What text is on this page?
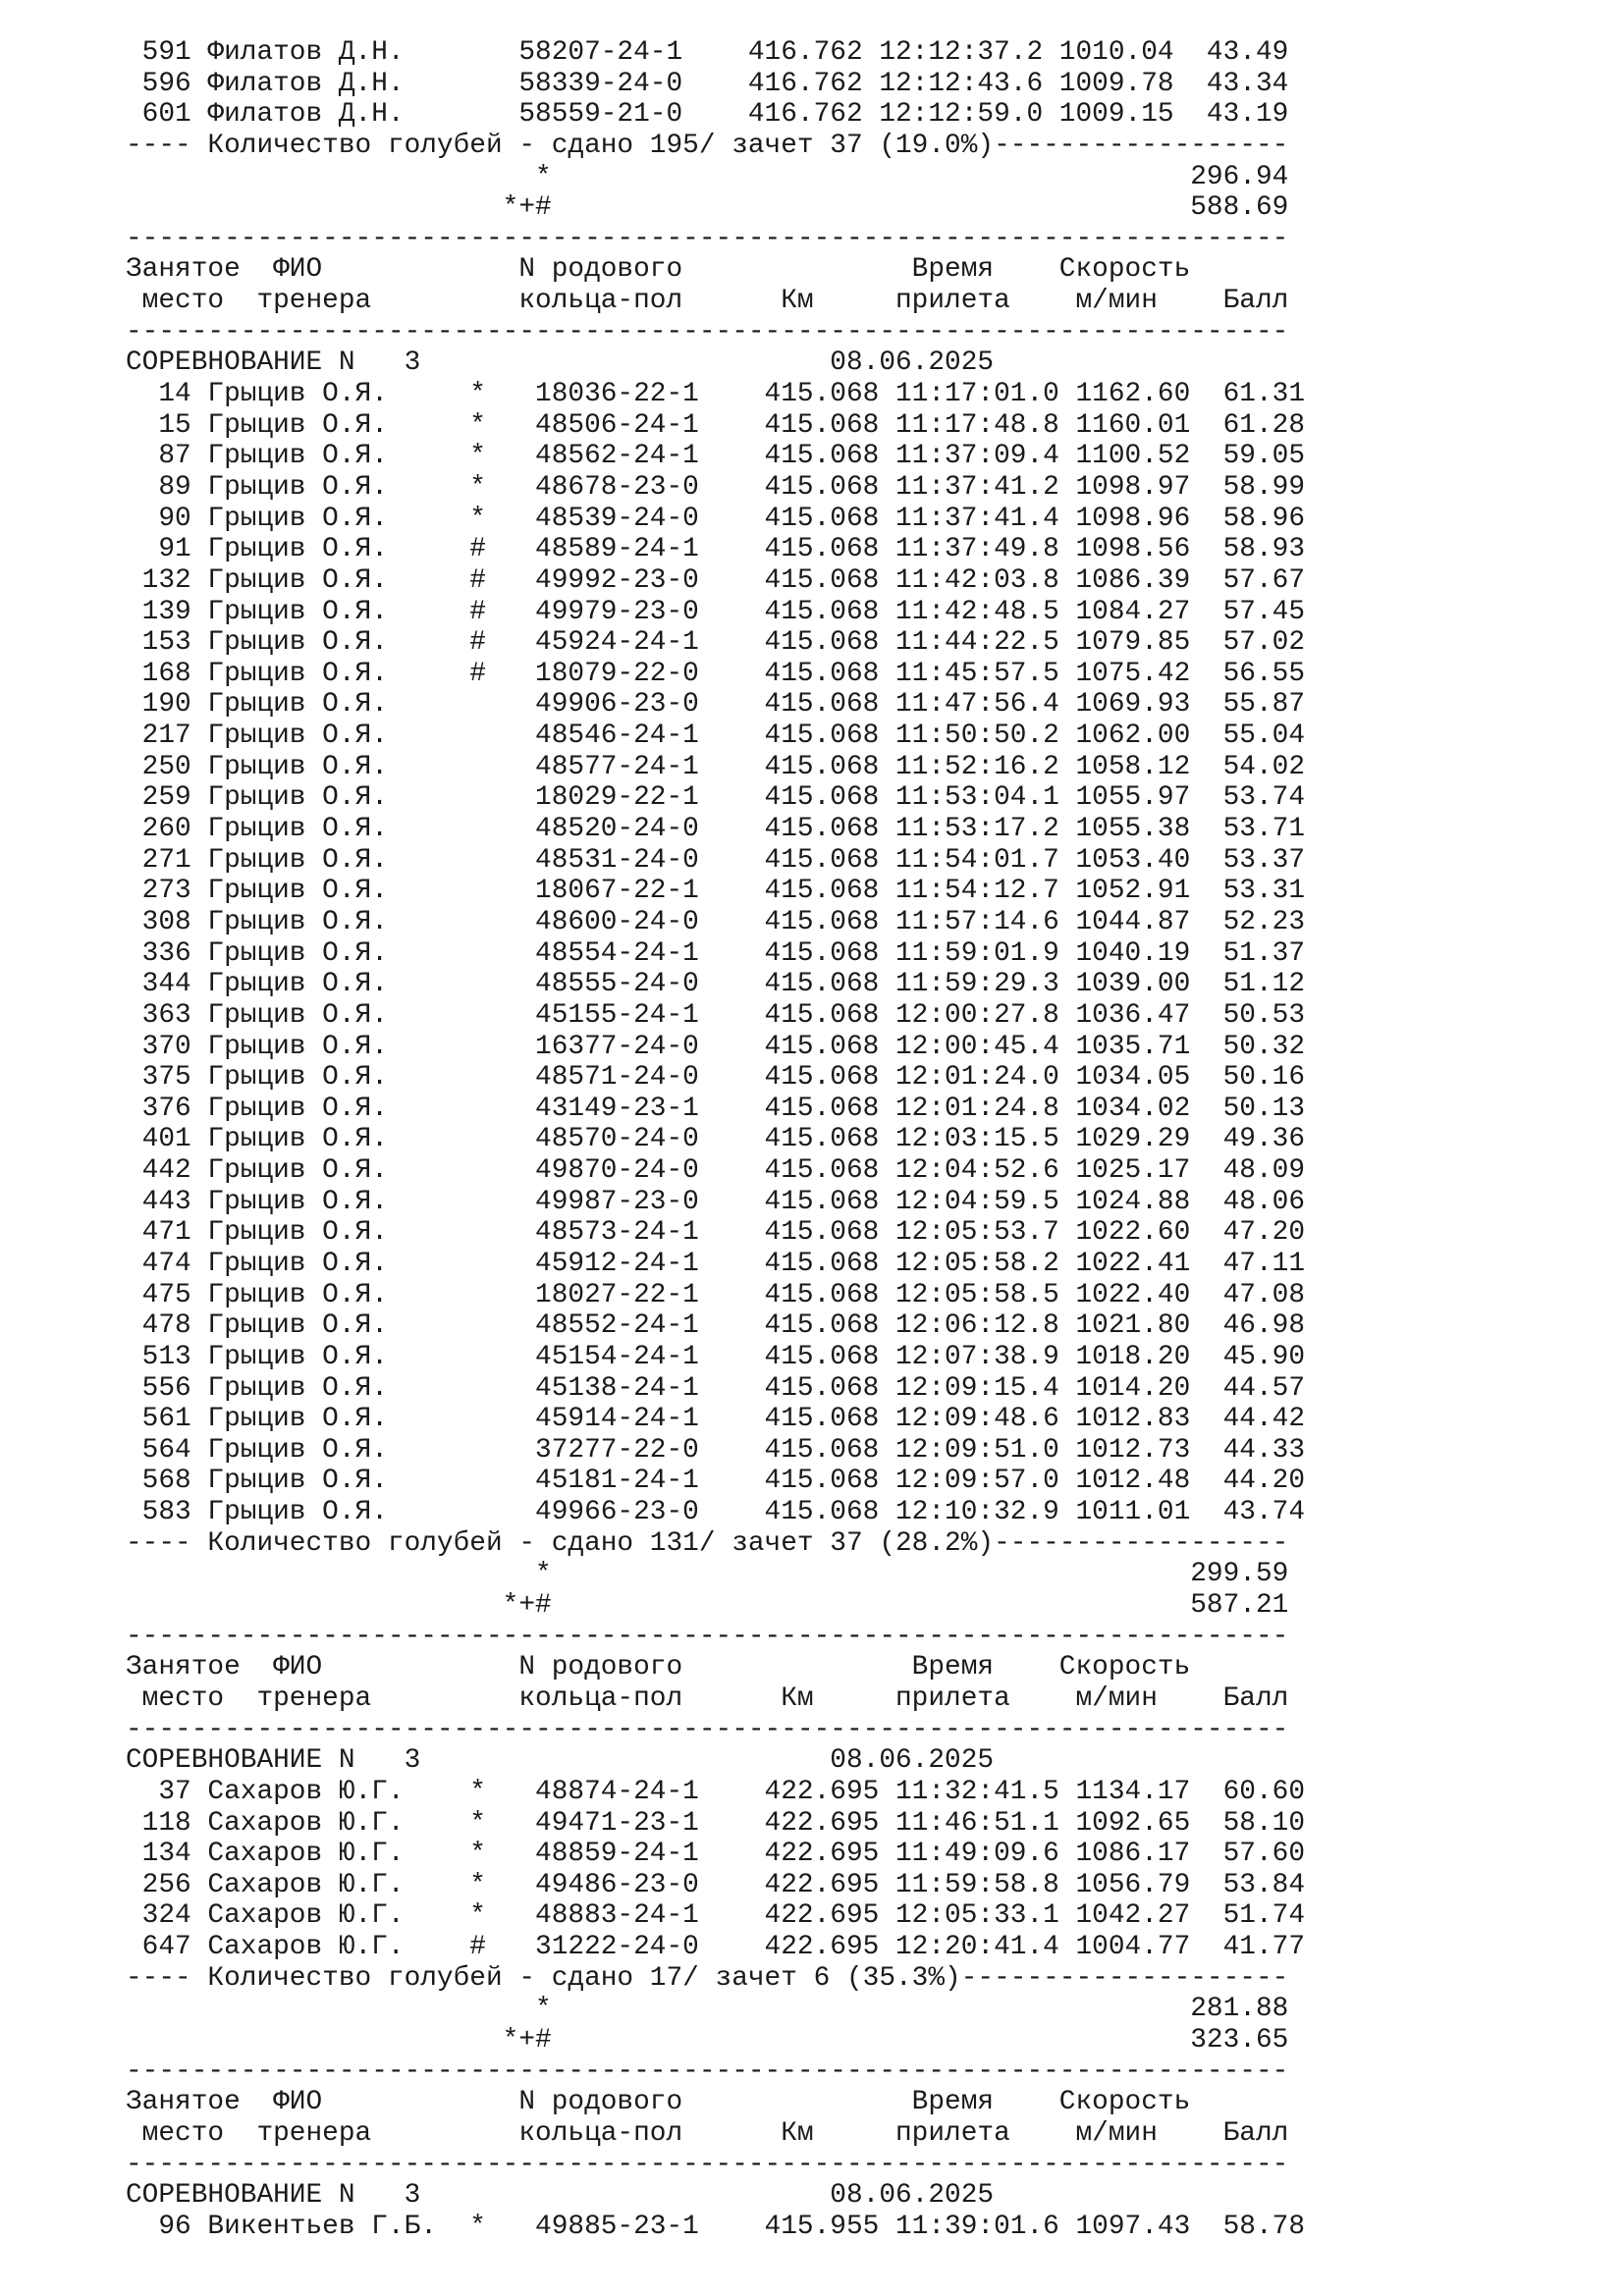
591 Филатов Д.Н.       58207-24-1    416.762 12:12:37.2 1010.04  43.49
596 Филатов Д.Н.       58339-24-0    416.762 12:12:43.6 1009.78  43.34
601 Филатов Д.Н.       58559-21-0    416.762 12:12:59.0 1009.15  43.19
---- Количество голубей - сдано 195/ зачет 37 (19.0%)------------------
*                                       296.94
*+#                                       588.69
-----------------------------------------------------------------------
Занятое  ФИО            N родового              Время    Скорость
место  тренера         кольца-пол      Км     прилета    м/мин    Балл
-----------------------------------------------------------------------
СОРЕВНОВАНИЕ N   3                         08.06.2025
14 Грыцив О.Я.     *   18036-22-1    415.068 11:17:01.0 1162.60  61.31
15 Грыцив О.Я.     *   48506-24-1    415.068 11:17:48.8 1160.01  61.28
87 Грыцив О.Я.     *   48562-24-1    415.068 11:37:09.4 1100.52  59.05
89 Грыцив О.Я.     *   48678-23-0    415.068 11:37:41.2 1098.97  58.99
90 Грыцив О.Я.     *   48539-24-0    415.068 11:37:41.4 1098.96  58.96
91 Грыцив О.Я.     #   48589-24-1    415.068 11:37:49.8 1098.56  58.93
132 Грыцив О.Я.     #   49992-23-0    415.068 11:42:03.8 1086.39  57.67
139 Грыцив О.Я.     #   49979-23-0    415.068 11:42:48.5 1084.27  57.45
153 Грыцив О.Я.     #   45924-24-1    415.068 11:44:22.5 1079.85  57.02
168 Грыцив О.Я.     #   18079-22-0    415.068 11:45:57.5 1075.42  56.55
190 Грыцив О.Я.         49906-23-0    415.068 11:47:56.4 1069.93  55.87
217 Грыцив О.Я.         48546-24-1    415.068 11:50:50.2 1062.00  55.04
250 Грыцив О.Я.         48577-24-1    415.068 11:52:16.2 1058.12  54.02
259 Грыцив О.Я.         18029-22-1    415.068 11:53:04.1 1055.97  53.74
260 Грыцив О.Я.         48520-24-0    415.068 11:53:17.2 1055.38  53.71
271 Грыцив О.Я.         48531-24-0    415.068 11:54:01.7 1053.40  53.37
273 Грыцив О.Я.         18067-22-1    415.068 11:54:12.7 1052.91  53.31
308 Грыцив О.Я.         48600-24-0    415.068 11:57:14.6 1044.87  52.23
336 Грыцив О.Я.         48554-24-1    415.068 11:59:01.9 1040.19  51.37
344 Грыцив О.Я.         48555-24-0    415.068 11:59:29.3 1039.00  51.12
363 Грыцив О.Я.         45155-24-1    415.068 12:00:27.8 1036.47  50.53
370 Грыцив О.Я.         16377-24-0    415.068 12:00:45.4 1035.71  50.32
375 Грыцив О.Я.         48571-24-0    415.068 12:01:24.0 1034.05  50.16
376 Грыцив О.Я.         43149-23-1    415.068 12:01:24.8 1034.02  50.13
401 Грыцив О.Я.         48570-24-0    415.068 12:03:15.5 1029.29  49.36
442 Грыцив О.Я.         49870-24-0    415.068 12:04:52.6 1025.17  48.09
443 Грыцив О.Я.         49987-23-0    415.068 12:04:59.5 1024.88  48.06
471 Грыцив О.Я.         48573-24-1    415.068 12:05:53.7 1022.60  47.20
474 Грыцив О.Я.         45912-24-1    415.068 12:05:58.2 1022.41  47.11
475 Грыцив О.Я.         18027-22-1    415.068 12:05:58.5 1022.40  47.08
478 Грыцив О.Я.         48552-24-1    415.068 12:06:12.8 1021.80  46.98
513 Грыцив О.Я.         45154-24-1    415.068 12:07:38.9 1018.20  45.90
556 Грыцив О.Я.         45138-24-1    415.068 12:09:15.4 1014.20  44.57
561 Грыцив О.Я.         45914-24-1    415.068 12:09:48.6 1012.83  44.42
564 Грыцив О.Я.         37277-22-0    415.068 12:09:51.0 1012.73  44.33
568 Грыцив О.Я.         45181-24-1    415.068 12:09:57.0 1012.48  44.20
583 Грыцив О.Я.         49966-23-0    415.068 12:10:32.9 1011.01  43.74
---- Количество голубей - сдано 131/ зачет 37 (28.2%)------------------
*                                       299.59
*+#                                       587.21
-----------------------------------------------------------------------
Занятое  ФИО            N родового              Время    Скорость
место  тренера         кольца-пол      Км     прилета    м/мин    Балл
-----------------------------------------------------------------------
СОРЕВНОВАНИЕ N   3                         08.06.2025
37 Сахаров Ю.Г.    *   48874-24-1    422.695 11:32:41.5 1134.17  60.60
118 Сахаров Ю.Г.    *   49471-23-1    422.695 11:46:51.1 1092.65  58.10
134 Сахаров Ю.Г.    *   48859-24-1    422.695 11:49:09.6 1086.17  57.60
256 Сахаров Ю.Г.    *   49486-23-0    422.695 11:59:58.8 1056.79  53.84
324 Сахаров Ю.Г.    *   48883-24-1    422.695 12:05:33.1 1042.27  51.74
647 Сахаров Ю.Г.    #   31222-24-0    422.695 12:20:41.4 1004.77  41.77
---- Количество голубей - сдано 17/ зачет 6 (35.3%)--------------------
*                                       281.88
*+#                                       323.65
-----------------------------------------------------------------------
Занятое  ФИО            N родового              Время    Скорость
место  тренера         кольца-пол      Км     прилета    м/мин    Балл
-----------------------------------------------------------------------
СОРЕВНОВАНИЕ N   3                         08.06.2025
96 Викентьев Г.Б.  *   49885-23-1    415.955 11:39:01.6 1097.43  58.78
